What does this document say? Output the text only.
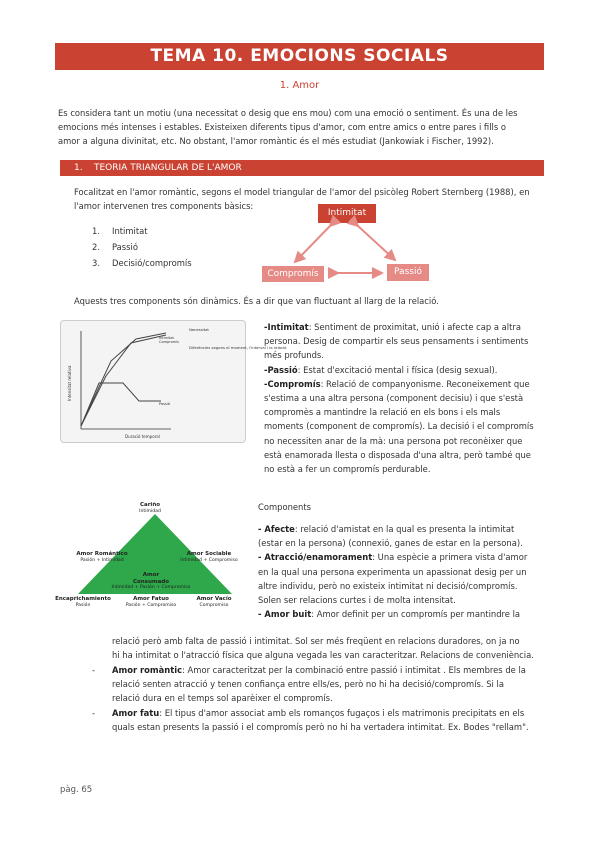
TEMA 10. EMOCIONS SOCIALS
1. Amor
Es considera tant un motiu (una necessitat o desig que ens mou) com una emoció o sentiment. És una de les
emocions més intenses i estables. Existeixen diferents tipus d'amor, com entre amics o entre pares i fills o
amor a alguna divinitat, etc. No obstant, l'amor romàntic és el més estudiat (Jankowiak i Fischer, 1992).
1. TEORIA TRIANGULAR DE L'AMOR
Focalitzat en l'amor romàntic, segons el model triangular de l'amor del psicòleg Robert Sternberg (1988), en
l'amor intervenen tres components bàsics:
1. Intimitat
2. Passió
3. Decisió/compromís
Intimitat
Compromís	Passió
Aquests tres components són dinàmics. És a dir que van fluctuant al llarg de la relació.
Duració temporal
Intensitat relativa
Intimitat
Compromís
Passió
Necessitat
Diferències segons el moment, l'interval i la relació
-Intimitat: Sentiment de proximitat, unió i afecte cap a altra
persona. Desig de compartir els seus pensaments i sentiments
més profunds.
-Passió: Estat d'excitació mental i física (desig sexual).
-Compromís: Relació de companyonisme. Reconeixement que
s'estima a una altra persona (component decisiu) i que s'està
compromès a mantindre la relació en els bons i els mals
moments (component de compromís). La decisió i el compromís
no necessiten anar de la mà: una persona pot reconèixer que
està enamorada llesta o disposada d'una altra, però també que
no està a fer un compromís perdurable.
Cariño
Intimidad
Amor Romántico
Pasión + Intimidad
Amor Sociable
Intimidad + Compromiso
Amor
Consumado
Intimidad + Pasión + Compromiso
Encaprichamiento
Pasión
Amor Fatuo
Pasión + Compromiso
Amor Vacío
Compromiso
Components
- Afecte: relació d'amistat en la qual es presenta la intimitat
(estar en la persona) (connexió, ganes de estar en la persona).
- Atracció/enamorament: Una espècie a primera vista d'amor
en la qual una persona experimenta un apassionat desig per un
altre individu, però no existeix intimitat ni decisió/compromís.
Solen ser relacions curtes i de molta intensitat.
- Amor buit: Amor definit per un compromís per mantindre la
relació però amb falta de passió i intimitat. Sol ser més freqüent en relacions duradores, on ja no
hi ha intimitat o l'atracció física que alguna vegada les van caracteritzar. Relacions de conveniència.
- Amor romàntic: Amor caracteritzat per la combinació entre passió i intimitat . Els membres de la
relació senten atracció y tenen confiança entre ells/es, però no hi ha decisió/compromís. Si la
relació dura en el temps sol aparèixer el compromís.
- Amor fatu: El tipus d'amor associat amb els romanços fugaços i els matrimonis precipitats en els
quals estan presents la passió i el compromís però no hi ha vertadera intimitat. Ex. Bodes "rellam".
pàg. 65
